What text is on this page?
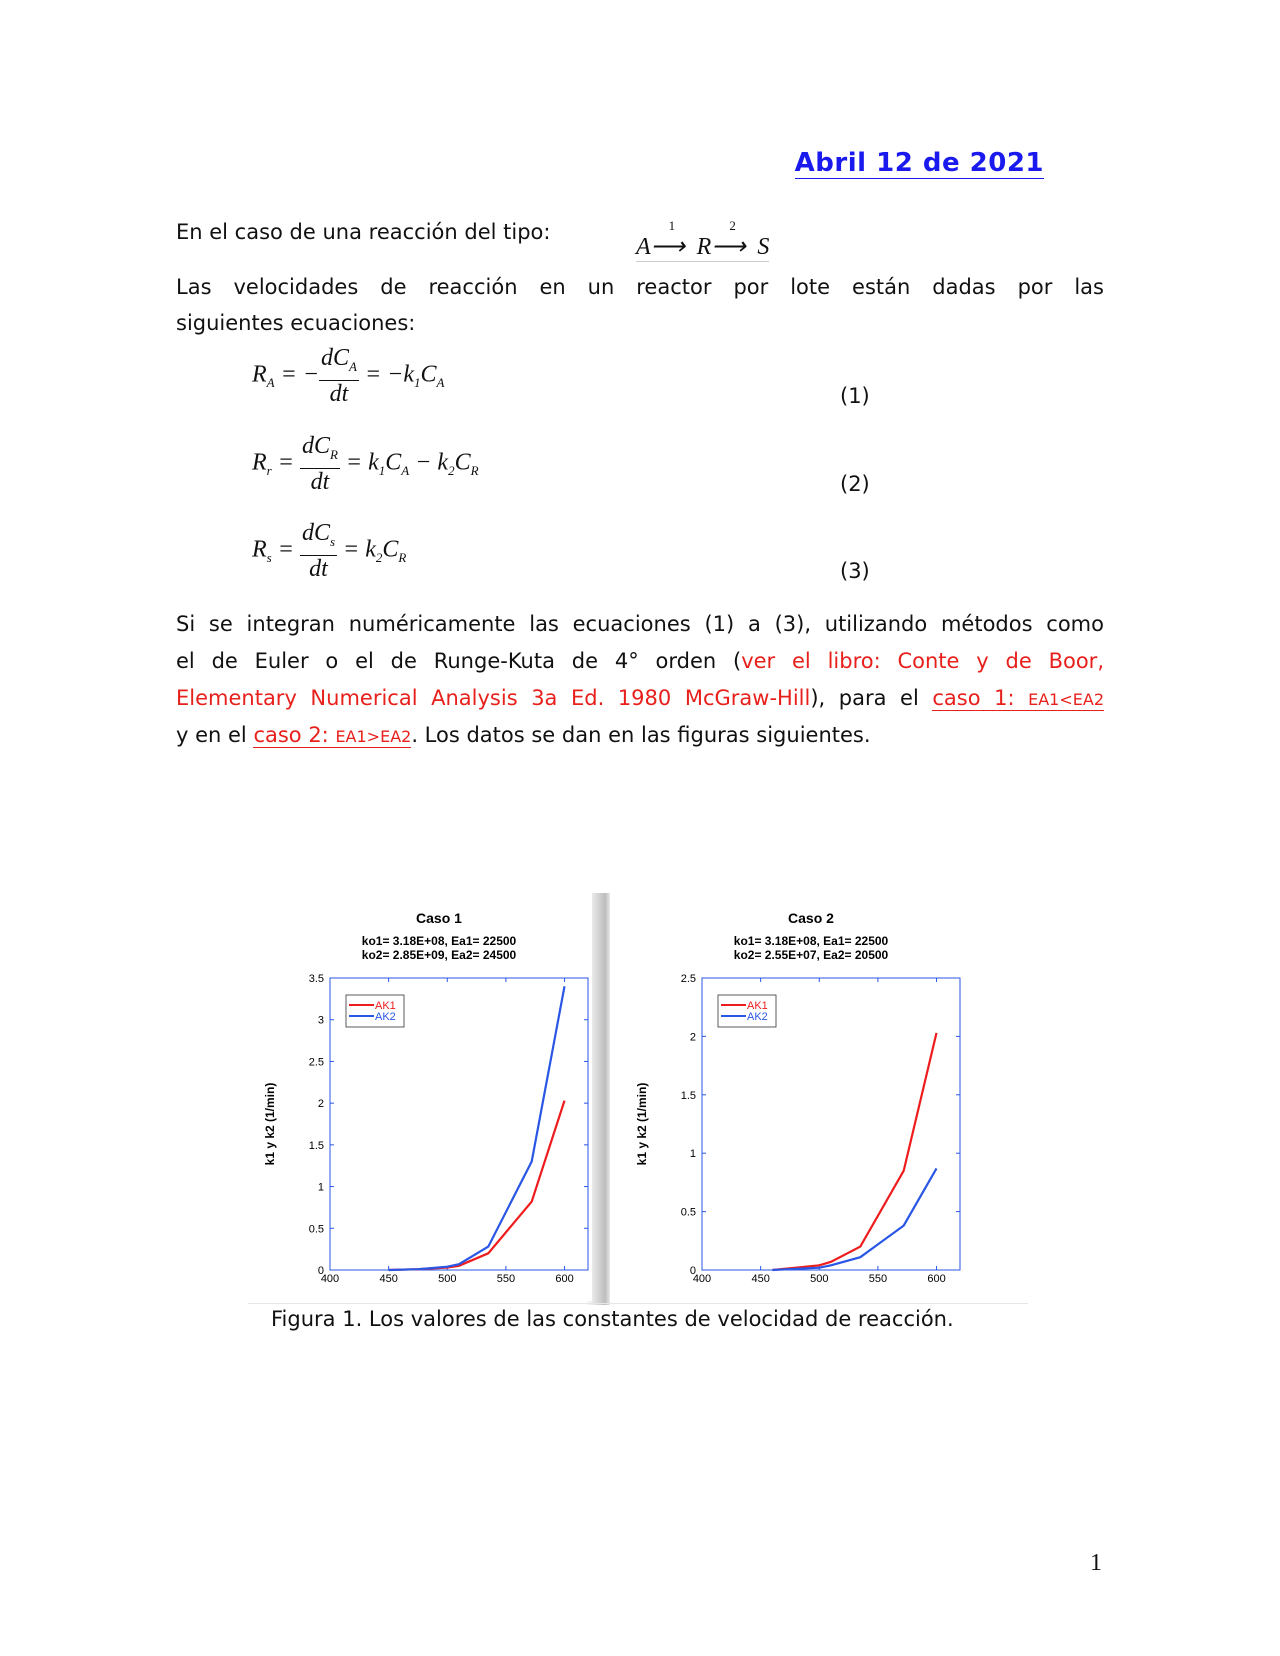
Abril 12 de 2021
En el caso de una reacción del tipo:
A⟶
1
R⟶
2
S
Las velocidades de reacción en un reactor por lote están dadas por las
siguientes ecuaciones:
$R_A$ = − $\frac{dC_A}{dt} = -k_1C_A$
(1)
$R_r = \frac{dC_R}{dt} = k_1C_A - k_2C_R$
(2)
$R_s = \frac{dC_s}{dt} = k_2C_R$
(3)
Si se integran numéricamente las ecuaciones (1) a (3), utilizando métodos como
el de Euler o el de Runge-Kuta de 4° orden (ver el libro: Conte y de Boor,
Elementary Numerical Analysis 3a Ed. 1980 McGraw-Hill), para el caso 1: EA1<EA2
y en el caso 2: EA1>EA2. Los datos se dan en las figuras siguientes.
Caso 1
ko1= 3.18E+08, Ea1= 22500
ko2= 2.85E+09, Ea2= 24500
400	450	500	550	600
0
0.5
1
1.5
2
2.5
3
3.5
k1 y k2 (1/min)
AK1
AK2
Caso 2
ko1= 3.18E+08, Ea1= 22500
ko2= 2.55E+07, Ea2= 20500
400	450	500	550	600
0
0.5
1
1.5
2
2.5
k1 y k2 (1/min)
AK1
AK2
Figura 1. Los valores de las constantes de velocidad de reacción.
1
